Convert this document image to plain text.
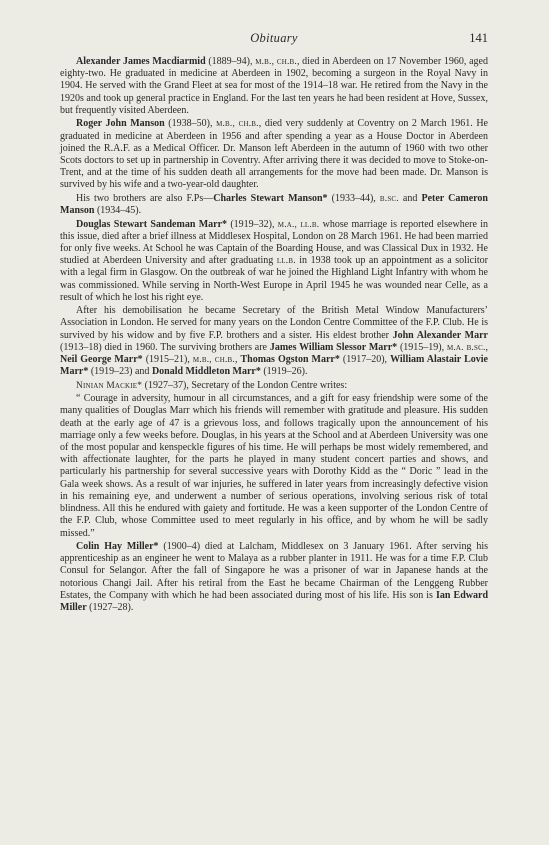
Obituary	141

Alexander James Macdiarmid (1889–94), m.b., ch.b., died in Aberdeen on 17 November 1960, aged eighty-two. He graduated in medicine at Aberdeen in 1902, becoming a surgeon in the Royal Navy in 1904. He served with the Grand Fleet at sea for most of the 1914–18 war. He retired from the Navy in the 1920s and took up general practice in England. For the last ten years he had been resident at Hove, Sussex, but frequently visited Aberdeen.

Roger John Manson (1938–50), m.b., ch.b., died very suddenly at Coventry on 2 March 1961. He graduated in medicine at Aberdeen in 1956 and after spending a year as a House Doctor in Aberdeen joined the R.A.F. as a Medical Officer. Dr. Manson left Aberdeen in the autumn of 1960 with two other Scots doctors to set up in partnership in Coventry. After arriving there it was decided to move to Stoke-on-Trent, and at the time of his sudden death all arrangements for the move had been made. Dr. Manson is survived by his wife and a two-year-old daughter.

His two brothers are also F.Ps—Charles Stewart Manson* (1933–44), b.sc. and Peter Cameron Manson (1934–45).

Douglas Stewart Sandeman Marr* (1919–32), m.a., ll.b. whose marriage is reported elsewhere in this issue, died after a brief illness at Middlesex Hospital, London on 28 March 1961. He had been married for only five weeks. At School he was Captain of the Boarding House, and was Classical Dux in 1932. He studied at Aberdeen University and after graduating ll.b. in 1938 took up an appointment as a solicitor with a legal firm in Glasgow. On the outbreak of war he joined the Highland Light Infantry with whom he was commissioned. While serving in North-West Europe in April 1945 he was wounded near Celle, as a result of which he lost his right eye.

After his demobilisation he became Secretary of the British Metal Window Manufacturers’ Association in London. He served for many years on the London Centre Committee of the F.P. Club. He is survived by his widow and by five F.P. brothers and a sister. His eldest brother John Alexander Marr (1913–18) died in 1960. The surviving brothers are James William Slessor Marr* (1915–19), m.a. b.sc., Neil George Marr* (1915–21), m.b., ch.b., Thomas Ogston Marr* (1917–20), William Alastair Lovie Marr* (1919–23) and Donald Middleton Marr* (1919–26).

Ninian Mackie* (1927–37), Secretary of the London Centre writes:

“ Courage in adversity, humour in all circumstances, and a gift for easy friendship were some of the many qualities of Douglas Marr which his friends will remember with gratitude and pleasure. His sudden death at the early age of 47 is a grievous loss, and follows tragically upon the announcement of his marriage only a few weeks before. Douglas, in his years at the School and at Aberdeen University was one of the most popular and kenspeckle figures of his time. He will perhaps be most widely remembered, and with affectionate laughter, for the parts he played in many student concert parties and shows, and particularly his partnership for several successive years with Dorothy Kidd as the “ Doric ” lead in the Gala week shows. As a result of war injuries, he suffered in later years from increasingly defective vision in his remaining eye, and underwent a number of serious operations, involving serious risk of total blindness. All this he endured with gaiety and fortitude. He was a keen supporter of the London Centre of the F.P. Club, whose Committee used to meet regularly in his office, and by whom he will be sadly missed.”

Colin Hay Miller* (1900–4) died at Lalcham, Middlesex on 3 January 1961. After serving his apprenticeship as an engineer he went to Malaya as a rubber planter in 1911. He was for a time F.P. Club Consul for Selangor. After the fall of Singapore he was a prisoner of war in Japanese hands at the notorious Changi Jail. After his retiral from the East he became Chairman of the Lenggeng Rubber Estates, the Company with which he had been associated during most of his life. His son is Ian Edward Miller (1927–28).
